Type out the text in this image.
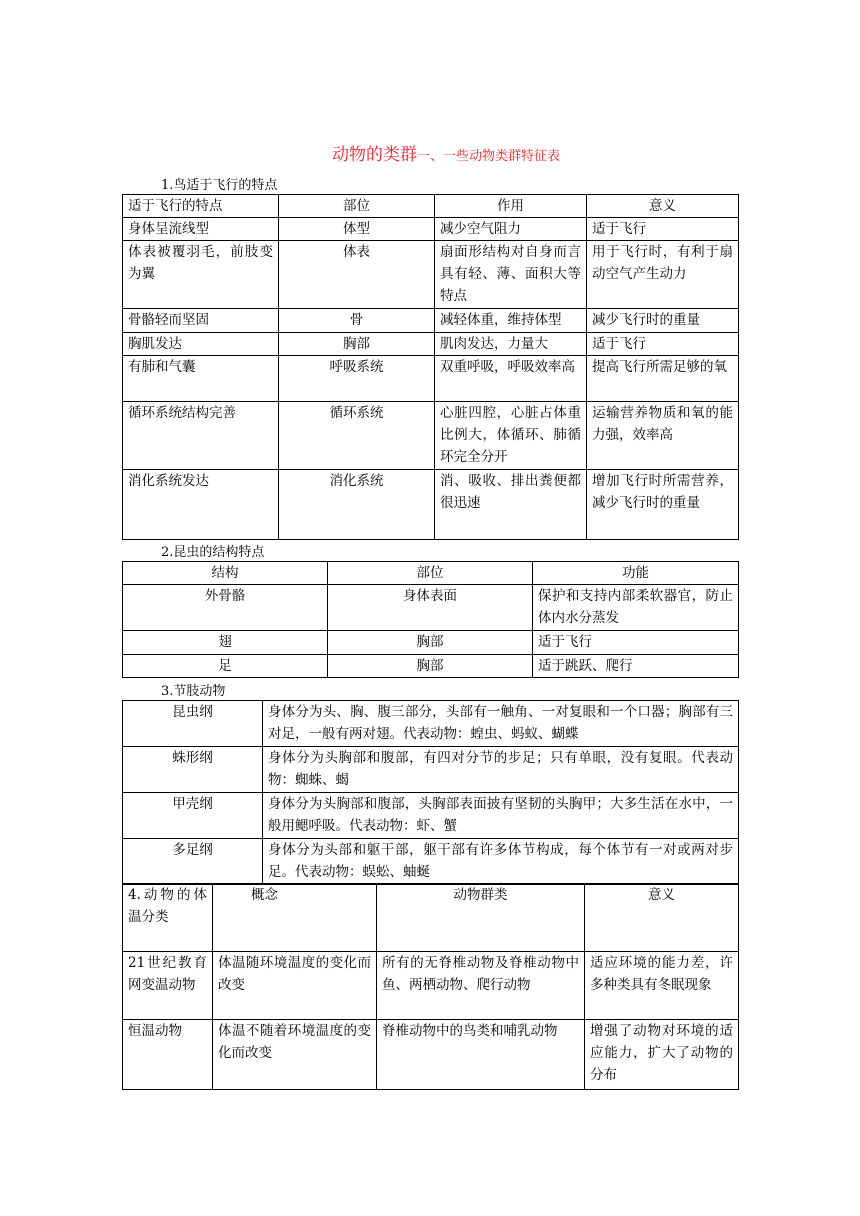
动物的类群一、一些动物类群特征表
1.鸟适于飞行的特点
适于飞行的特点	部位	作用	意义
身体呈流线型	体型	减少空气阻力	适于飞行
体表被覆羽毛，前肢变为翼	体表	扇面形结构对自身而言具有轻、薄、面积大等特点	用于飞行时，有利于扇动空气产生动力
骨骼轻而坚固	骨	减轻体重，维持体型	减少飞行时的重量
胸肌发达	胸部	肌肉发达，力量大	适于飞行
有肺和气囊	呼吸系统	双重呼吸，呼吸效率高	提高飞行所需足够的氧
循环系统结构完善	循环系统	心脏四腔，心脏占体重比例大，体循环、肺循环完全分开	运输营养物质和氧的能力强，效率高
消化系统发达	消化系统	消、吸收、排出粪便都很迅速	增加飞行时所需营养，减少飞行时的重量
2.昆虫的结构特点
结构	部位	功能
外骨骼	身体表面	保护和支持内部柔软器官，防止体内水分蒸发
翅	胸部	适于飞行
足	胸部	适于跳跃、爬行
3.节肢动物
昆虫纲	身体分为头、胸、腹三部分，头部有一触角、一对复眼和一个口器；胸部有三对足，一般有两对翅。代表动物：蝗虫、蚂蚁、蝴蝶
蛛形纲	身体分为头胸部和腹部，有四对分节的步足；只有单眼，没有复眼。代表动物：蜘蛛、蝎
甲壳纲	身体分为头胸部和腹部，头胸部表面披有坚韧的头胸甲；大多生活在水中，一般用鳃呼吸。代表动物：虾、蟹
多足纲	身体分为头部和躯干部，躯干部有许多体节构成，每个体节有一对或两对步足。代表动物：蜈蚣、蚰蜒
4.动物的体温分类	概念	动物群类	意义
21世纪教育网变温动物	体温随环境温度的变化而改变	所有的无脊椎动物及脊椎动物中鱼、两栖动物、爬行动物	适应环境的能力差，许多种类具有冬眠现象
恒温动物	体温不随着环境温度的变化而改变	脊椎动物中的鸟类和哺乳动物	增强了动物对环境的适应能力，扩大了动物的分布
